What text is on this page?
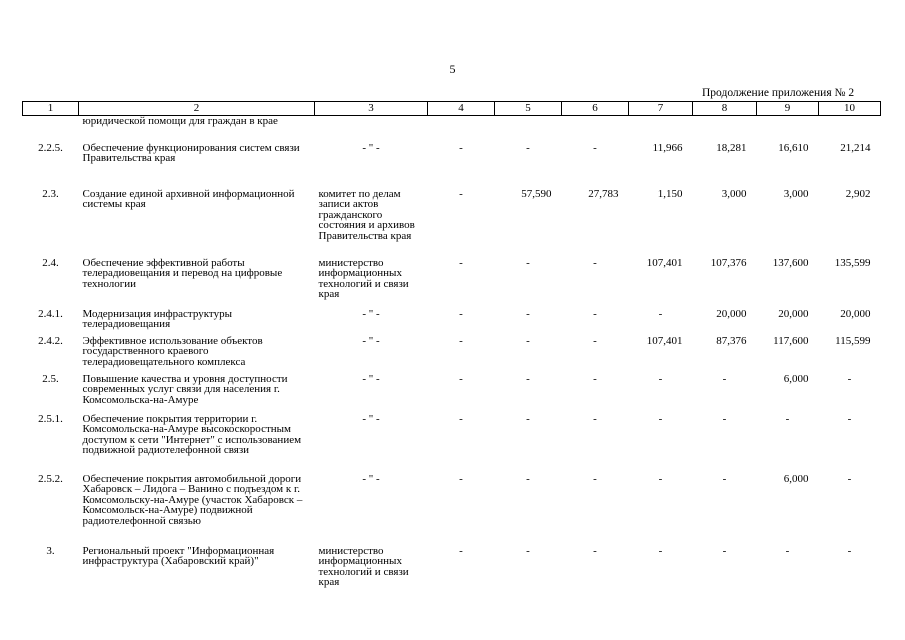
5
Продолжение приложения № 2
1	2	3	4	5	6	7	8	9	10
	юридической помощи для граждан в крае								
2.2.5.	Обеспечение функционирования систем связи Правительства края	- " -	-	-	-	11,966	18,281	16,610	21,214
2.3.	Создание единой архивной информационной системы края	комитет по делам записи актов гражданского состояния и архивов Правительства края	-	57,590	27,783	1,150	3,000	3,000	2,902
2.4.	Обеспечение эффективной работы телерадиовещания и перевод на цифровые технологии	министерство информационных технологий и связи края	-	-	-	107,401	107,376	137,600	135,599
2.4.1.	Модернизация инфраструктуры телерадиовещания	- " -	-	-	-	-	20,000	20,000	20,000
2.4.2.	Эффективное использование объектов государственного краевого телерадиовещательного комплекса	- " -	-	-	-	107,401	87,376	117,600	115,599
2.5.	Повышение качества и уровня доступности современных услуг связи для населения г. Комсомольска-на-Амуре	- " -	-	-	-	-	-	6,000	-
2.5.1.	Обеспечение покрытия территории г. Комсомольска-на-Амуре высокоскоростным доступом к сети "Интернет" с использованием подвижной радиотелефонной связи	- " -	-	-	-	-	-	-	-
2.5.2.	Обеспечение покрытия автомобильной дороги Хабаровск – Лидога – Ванино с подъездом к г. Комсомольску-на-Амуре (участок Хабаровск – Комсомольск-на-Амуре) подвижной радиотелефонной связью	- " -	-	-	-	-	-	6,000	-
3.	Региональный проект "Информационная инфраструктура (Хабаровский край)"	министерство информационных технологий и связи края	-	-	-	-	-	-	-
